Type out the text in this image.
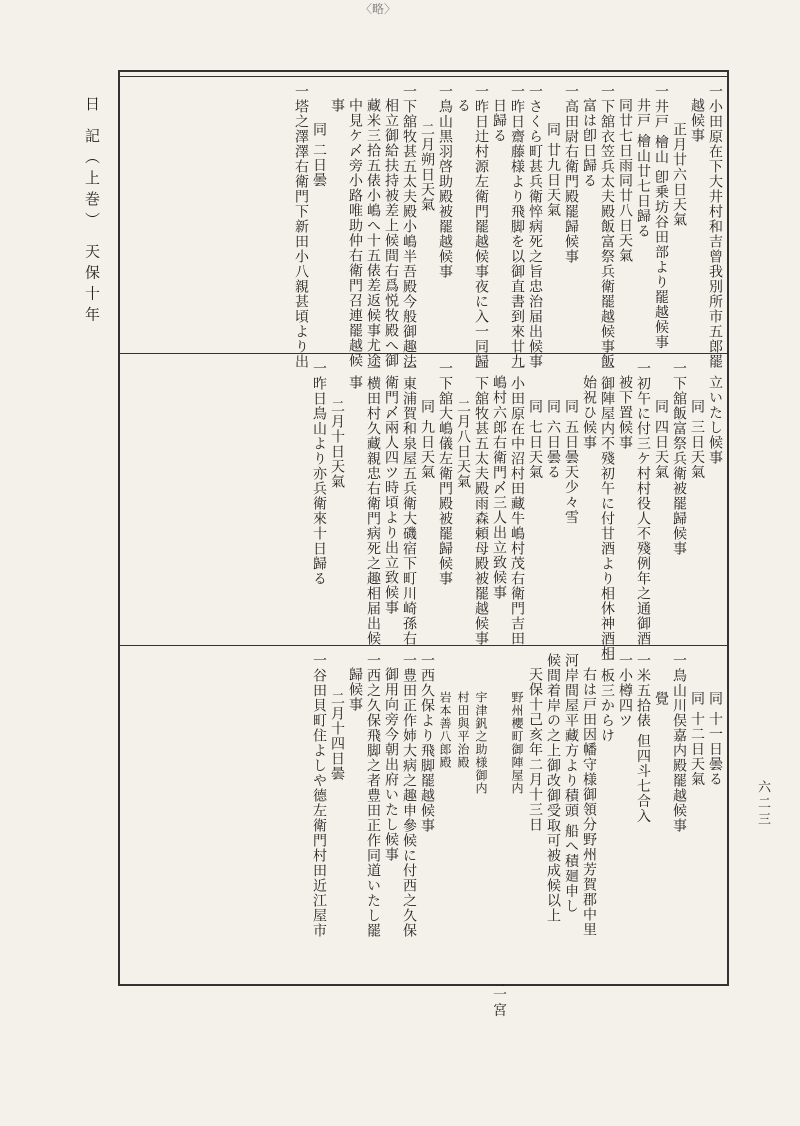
〈略〉
日 記（上巻） 天保十年
六二三
一小田原在下大井村和吉曾我別所市五郎罷
越候事
正月廿六日天氣
一井戸 檜山 卽乗坊谷田部より罷越候事
井戸 檜山廿七日歸る
同廿七日雨同廿八日天氣
一下舘衣笠兵太夫殿飯富祭兵衛罷越候事飯
富は卽日歸る
一高田尉右衛門殿罷歸候事
同 廿九日天氣
一さくら町甚兵衛悴病死之旨忠治届出候事
一昨日齋藤様より飛脚を以御直書到來廿九
日歸る
一昨日辻村源左衛門罷越候事夜に入一同歸
る
一鳥山黒羽啓助殿被罷越候事
二月朔日天氣
一下舘牧甚五太夫殿小嶋半吾殿今般御趣法
相立御給扶持被差上候間右爲悦牧殿へ御
藏米三拾五俵小嶋へ十五俵差返候事尤途
中見ケ〆旁小路唯助仲右衛門召連罷越候
事
同 二日曇
一塔之澤澤右衛門下新田小八親甚頃より出
立いたし候事
同 三日天氣
一下舘飯富祭兵衛被罷歸候事
同 四日天氣
一初午に付三ケ村村役人不殘例年之通御酒
被下置候事
一御陣屋内不殘初午に付甘酒より相休神酒相
始祝ひ候事
同 五日曇天少々雪
同 六日曇る
同 七日天氣
一小田原在中沼村田藏牛嶋村茂右衛門吉田
嶋村六郎右衛門〆三人出立致候事
一下舘牧甚五太夫殿雨森頼母殿被罷越候事
二月八日天氣
一下舘大嶋儀左衛門殿被罷歸候事
同 九日天氣
一東浦賀和泉屋五兵衛大磯宿下町川崎孫右
衛門〆兩人四ツ時頃より出立致候事
一横田村久藏親忠右衛門病死之趣相届出候
事
二月十日天氣
一昨日鳥山より亦兵衛來十日歸る
同 十一日曇る
同 十二日天氣
一鳥山川俣嘉内殿罷越候事
覺
一米五拾俵 但四斗七合入
一小樽四ツ
一板三からけ
右は戸田因幡守様御領分野州芳賀郡中里
河岸間屋平藏方より積頭 船へ積廻申し
候間着岸の之上御改御受取可被成候以上
天保十己亥年二月十三日
野州櫻町御陣屋内
二 宮
宇津釩之助様御内
村田與平治殿
岩本善八郎殿
一西久保より飛脚罷越候事
一豊田正作姉大病之趣申參候に付西之久保
御用向旁今朝出府いたし候事
一西之久保飛脚之者豊田正作同道いたし罷
歸候事
二月十四日曇
一谷田貝町住よしや德左衛門村田近江屋市
